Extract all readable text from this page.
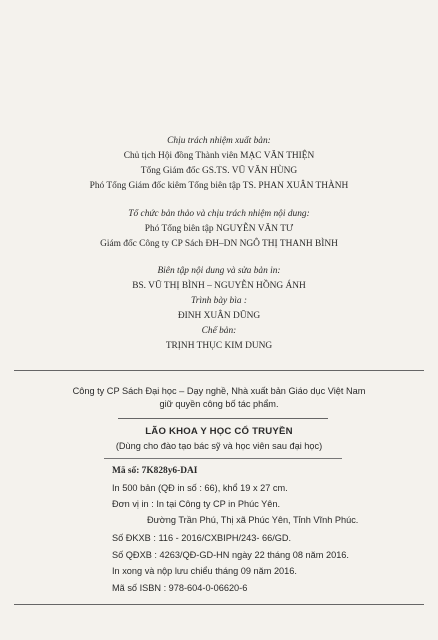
Chịu trách nhiệm xuất bản:
Chủ tịch Hội đồng Thành viên MẠC VĂN THIỆN
Tổng Giám đốc GS.TS. VŨ VĂN HÙNG
Phó Tổng Giám đốc kiêm Tổng biên tập TS. PHAN XUÂN THÀNH
Tổ chức bản thảo và chịu trách nhiệm nội dung:
Phó Tổng biên tập NGUYỄN VĂN TƯ
Giám đốc Công ty CP Sách ĐH–DN NGÔ THỊ THANH BÌNH
Biên tập nội dung và sửa bản in:
BS. VŨ THỊ BÌNH – NGUYỄN HỒNG ÁNH
Trình bày bìa :
ĐINH XUÂN DŨNG
Chế bản:
TRỊNH THỤC KIM DUNG
Công ty CP Sách Đại học – Dạy nghề, Nhà xuất bản Giáo dục Việt Nam
giữ quyền công bố tác phẩm.
LÃO KHOA Y HỌC CỔ TRUYỀN
(Dùng cho đào tạo bác sỹ và học viên sau đại học)
Mã số: 7K828y6-DAI
In 500 bản (QĐ in số : 66), khổ 19 x 27 cm.
Đơn vị in : In tại Công ty CP in Phúc Yên.
Đường Trần Phú, Thị xã Phúc Yên, Tỉnh Vĩnh Phúc.
Số ĐKXB : 116 - 2016/CXBIPH/243- 66/GD.
Số QĐXB : 4263/QĐ-GD-HN ngày 22 tháng 08 năm 2016.
In xong và nộp lưu chiểu tháng 09 năm 2016.
Mã số ISBN : 978-604-0-06620-6
